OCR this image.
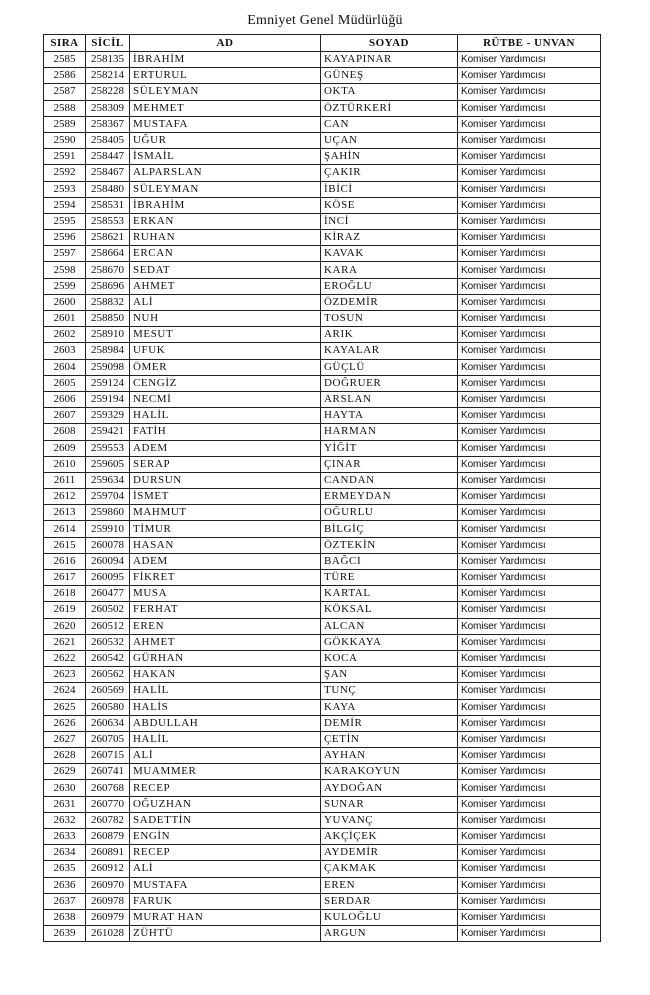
Emniyet Genel Müdürlüğü
SIRA	SİCİL	AD	SOYAD	RÜTBE - UNVAN
2585	258135	İBRAHİM	KAYAPINAR	Komiser Yardımcısı
2586	258214	ERTURUL	GÜNEŞ	Komiser Yardımcısı
2587	258228	SÜLEYMAN	OKTA	Komiser Yardımcısı
2588	258309	MEHMET	ÖZTÜRKERİ	Komiser Yardımcısı
2589	258367	MUSTAFA	CAN	Komiser Yardımcısı
2590	258405	UĞUR	UÇAN	Komiser Yardımcısı
2591	258447	İSMAİL	ŞAHİN	Komiser Yardımcısı
2592	258467	ALPARSLAN	ÇAKIR	Komiser Yardımcısı
2593	258480	SÜLEYMAN	İBİCİ	Komiser Yardımcısı
2594	258531	İBRAHİM	KÖSE	Komiser Yardımcısı
2595	258553	ERKAN	İNCİ	Komiser Yardımcısı
2596	258621	RUHAN	KİRAZ	Komiser Yardımcısı
2597	258664	ERCAN	KAVAK	Komiser Yardımcısı
2598	258670	SEDAT	KARA	Komiser Yardımcısı
2599	258696	AHMET	EROĞLU	Komiser Yardımcısı
2600	258832	ALİ	ÖZDEMİR	Komiser Yardımcısı
2601	258850	NUH	TOSUN	Komiser Yardımcısı
2602	258910	MESUT	ARIK	Komiser Yardımcısı
2603	258984	UFUK	KAYALAR	Komiser Yardımcısı
2604	259098	ÖMER	GÜÇLÜ	Komiser Yardımcısı
2605	259124	CENGİZ	DOĞRUER	Komiser Yardımcısı
2606	259194	NECMİ	ARSLAN	Komiser Yardımcısı
2607	259329	HALİL	HAYTA	Komiser Yardımcısı
2608	259421	FATİH	HARMAN	Komiser Yardımcısı
2609	259553	ADEM	YİĞİT	Komiser Yardımcısı
2610	259605	SERAP	ÇINAR	Komiser Yardımcısı
2611	259634	DURSUN	CANDAN	Komiser Yardımcısı
2612	259704	İSMET	ERMEYDAN	Komiser Yardımcısı
2613	259860	MAHMUT	OĞURLU	Komiser Yardımcısı
2614	259910	TİMUR	BİLGİÇ	Komiser Yardımcısı
2615	260078	HASAN	ÖZTEKİN	Komiser Yardımcısı
2616	260094	ADEM	BAĞCI	Komiser Yardımcısı
2617	260095	FİKRET	TÜRE	Komiser Yardımcısı
2618	260477	MUSA	KARTAL	Komiser Yardımcısı
2619	260502	FERHAT	KÖKSAL	Komiser Yardımcısı
2620	260512	EREN	ALCAN	Komiser Yardımcısı
2621	260532	AHMET	GÖKKAYA	Komiser Yardımcısı
2622	260542	GÜRHAN	KOCA	Komiser Yardımcısı
2623	260562	HAKAN	ŞAN	Komiser Yardımcısı
2624	260569	HALİL	TUNÇ	Komiser Yardımcısı
2625	260580	HALİS	KAYA	Komiser Yardımcısı
2626	260634	ABDULLAH	DEMİR	Komiser Yardımcısı
2627	260705	HALİL	ÇETİN	Komiser Yardımcısı
2628	260715	ALİ	AYHAN	Komiser Yardımcısı
2629	260741	MUAMMER	KARAKOYUN	Komiser Yardımcısı
2630	260768	RECEP	AYDOĞAN	Komiser Yardımcısı
2631	260770	OĞUZHAN	SUNAR	Komiser Yardımcısı
2632	260782	SADETTİN	YUVANÇ	Komiser Yardımcısı
2633	260879	ENGİN	AKÇİÇEK	Komiser Yardımcısı
2634	260891	RECEP	AYDEMİR	Komiser Yardımcısı
2635	260912	ALİ	ÇAKMAK	Komiser Yardımcısı
2636	260970	MUSTAFA	EREN	Komiser Yardımcısı
2637	260978	FARUK	SERDAR	Komiser Yardımcısı
2638	260979	MURAT HAN	KULOĞLU	Komiser Yardımcısı
2639	261028	ZÜHTÜ	ARGUN	Komiser Yardımcısı
